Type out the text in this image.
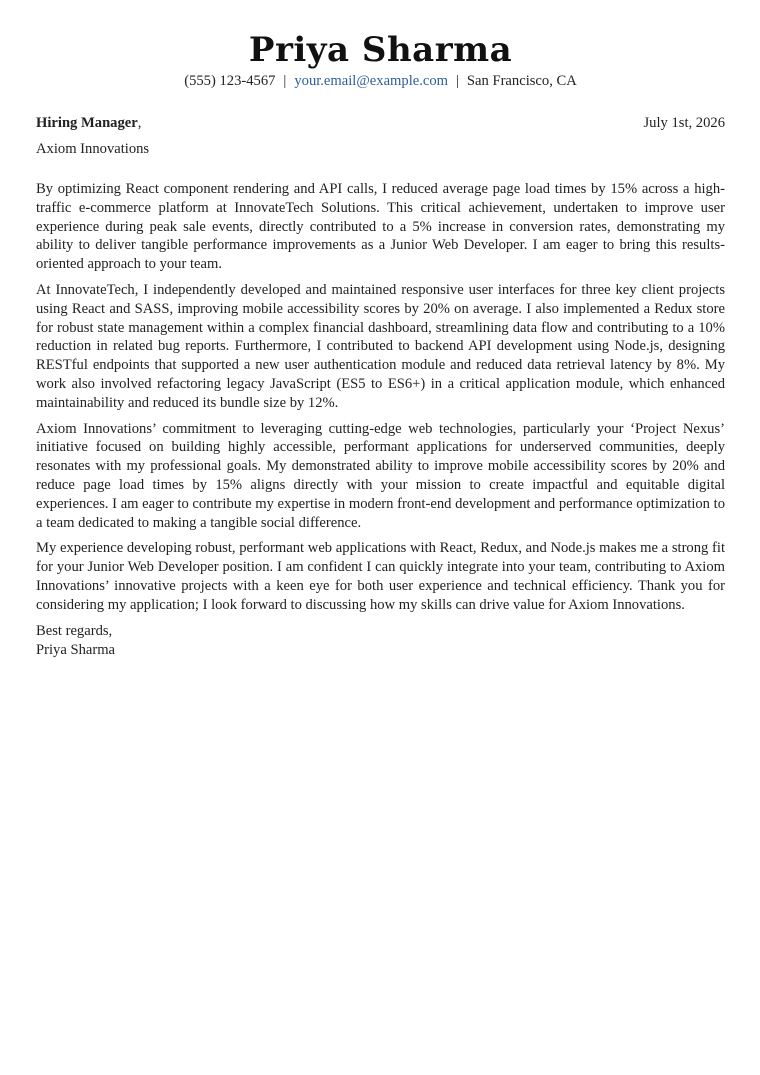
Priya Sharma
(555) 123-4567 | your.email@example.com | San Francisco, CA
Hiring Manager,	July 1st, 2026
Axiom Innovations

By optimizing React component rendering and API calls, I reduced average page load times by 15% across a high-traffic e-commerce platform at InnovateTech Solutions. This critical achievement, undertaken to improve user experience during peak sale events, directly contributed to a 5% increase in conversion rates, demonstrating my ability to deliver tangible performance improvements as a Junior Web Developer. I am eager to bring this results-oriented approach to your team.

At InnovateTech, I independently developed and maintained responsive user interfaces for three key client projects using React and SASS, improving mobile accessibility scores by 20% on average. I also implemented a Redux store for robust state management within a complex financial dashboard, streamlining data flow and contributing to a 10% reduction in related bug reports. Furthermore, I contributed to backend API development using Node.js, designing RESTful endpoints that supported a new user authentication module and reduced data retrieval latency by 8%. My work also involved refactoring legacy JavaScript (ES5 to ES6+) in a critical application module, which enhanced maintainability and reduced its bundle size by 12%.

Axiom Innovations’ commitment to leveraging cutting-edge web technologies, particularly your ‘Project Nexus’ initiative focused on building highly accessible, performant applications for underserved communities, deeply resonates with my professional goals. My demonstrated ability to improve mobile accessibility scores by 20% and reduce page load times by 15% aligns directly with your mission to create impactful and equitable digital experiences. I am eager to contribute my expertise in modern front-end development and performance optimization to a team dedicated to making a tangible social difference.

My experience developing robust, performant web applications with React, Redux, and Node.js makes me a strong fit for your Junior Web Developer position. I am confident I can quickly integrate into your team, contributing to Axiom Innovations’ innovative projects with a keen eye for both user experience and technical efficiency. Thank you for considering my application; I look forward to discussing how my skills can drive value for Axiom Innovations.

Best regards,
Priya Sharma
